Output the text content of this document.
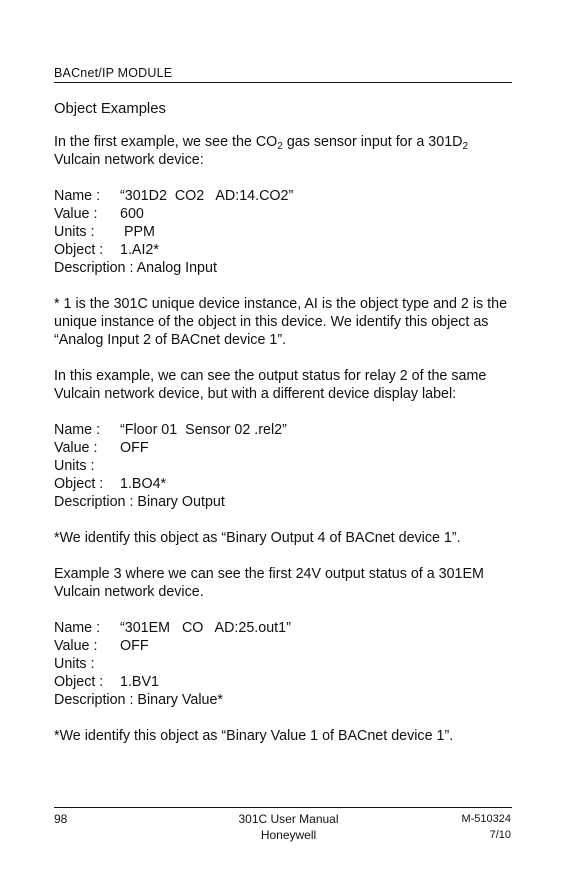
BACnet/IP MODULE

Object Examples

In the first example, we see the $CO_2$ gas sensor input for a $301D_2$
Vulcain network device:

Name : “301D2  CO2   AD:14.CO2”
Value : 600
Units : PPM
Object : 1.AI2*
Description : Analog Input

* 1 is the 301C unique device instance, AI is the object type and 2 is the unique instance of the object in this device. We identify this object as “Analog Input 2 of BACnet device 1”.

In this example, we can see the output status for relay 2 of the same Vulcain network device, but with a different device display label:

Name : “Floor 01  Sensor 02 .rel2”
Value : OFF
Units :
Object : 1.BO4*
Description : Binary Output

*We identify this object as “Binary Output 4 of BACnet device 1”.

Example 3 where we can see the first 24V output status of a 301EM Vulcain network device.

Name : “301EM   CO   AD:25.out1”
Value : OFF
Units :
Object : 1.BV1
Description : Binary Value*

*We identify this object as “Binary Value 1 of BACnet device 1”.

98	301C User Manual
Honeywell
M-510324
7/10
